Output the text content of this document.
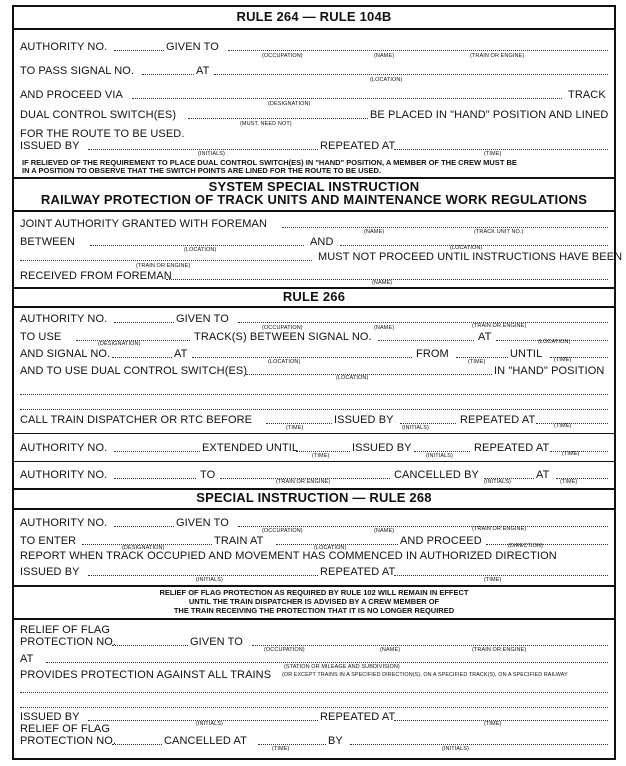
RULE 264 — RULE 104B
AUTHORITY NO.	GIVEN TO
(OCCUPATION)	(NAME)	(TRAIN OR ENGINE)
TO PASS SIGNAL NO.	AT
(LOCATION)
AND PROCEED VIA	TRACK
(DESIGNATION)
DUAL CONTROL SWITCH(ES)	BE PLACED IN "HAND" POSITION AND LINED
(MUST, NEED NOT)
FOR THE ROUTE TO BE USED.
ISSUED BY	REPEATED AT
(INITIALS)	(TIME)
IF RELIEVED OF THE REQUIREMENT TO PLACE DUAL CONTROL SWITCH(ES) IN "HAND" POSITION, A MEMBER OF THE CREW MUST BE
IN A POSITION TO OBSERVE THAT THE SWITCH POINTS ARE LINED FOR THE ROUTE TO BE USED.
SYSTEM SPECIAL INSTRUCTION
RAILWAY PROTECTION OF TRACK UNITS AND MAINTENANCE WORK REGULATIONS
JOINT AUTHORITY GRANTED WITH FOREMAN
(NAME)	(TRACK UNIT NO.)
BETWEEN	AND
(LOCATION)	(LOCATION)
MUST NOT PROCEED UNTIL INSTRUCTIONS HAVE BEEN
(TRAIN OR ENGINE)
RECEIVED FROM FOREMAN
(NAME)
RULE 266
AUTHORITY NO.	GIVEN TO
(OCCUPATION)	(NAME)	(TRAIN OR ENGINE)
TO USE	TRACK(S) BETWEEN SIGNAL NO.	AT
(DESIGNATION)	(LOCATION)
AND SIGNAL NO.	AT	FROM	UNTIL
(LOCATION)	(TIME)	(TIME)
AND TO USE DUAL CONTROL SWITCH(ES)	IN "HAND" POSITION
(LOCATION)
CALL TRAIN DISPATCHER OR RTC BEFORE	ISSUED BY	REPEATED AT
(TIME)	(INITIALS)	(TIME)
AUTHORITY NO.	EXTENDED UNTIL	ISSUED BY	REPEATED AT
(TIME)	(INITIALS)	(TIME)
AUTHORITY NO.	TO	CANCELLED BY	AT
(TRAIN OR ENGINE)	(INITIALS)	(TIME)
SPECIAL INSTRUCTION — RULE 268
AUTHORITY NO.	GIVEN TO
(OCCUPATION)	(NAME)	(TRAIN OR ENGINE)
TO ENTER	TRAIN AT	AND PROCEED
(DESIGNATION)	(LOCATION)	(DIRECTION)
REPORT WHEN TRACK OCCUPIED AND MOVEMENT HAS COMMENCED IN AUTHORIZED DIRECTION
ISSUED BY	REPEATED AT
(INITIALS)	(TIME)
RELIEF OF FLAG PROTECTION AS REQUIRED BY RULE 102 WILL REMAIN IN EFFECT
UNTIL THE TRAIN DISPATCHER IS ADVISED BY A CREW MEMBER OF
THE TRAIN RECEIVING THE PROTECTION THAT IT IS NO LONGER REQUIRED
RELIEF OF FLAG
PROTECTION NO.	GIVEN TO
(OCCUPATION)	(NAME)	(TRAIN OR ENGINE)
AT
(STATION OR MILEAGE AND SUBDIVISION)
PROVIDES PROTECTION AGAINST ALL TRAINS (OR EXCEPT TRAINS IN A SPECIFIED DIRECTION(S), ON A SPECIFIED TRACK(S), ON A SPECIFIED RAILWAY
ISSUED BY	REPEATED AT
(INITIALS)	(TIME)
RELIEF OF FLAG
PROTECTION NO.	CANCELLED AT	BY
(TIME)	(INITIALS)
